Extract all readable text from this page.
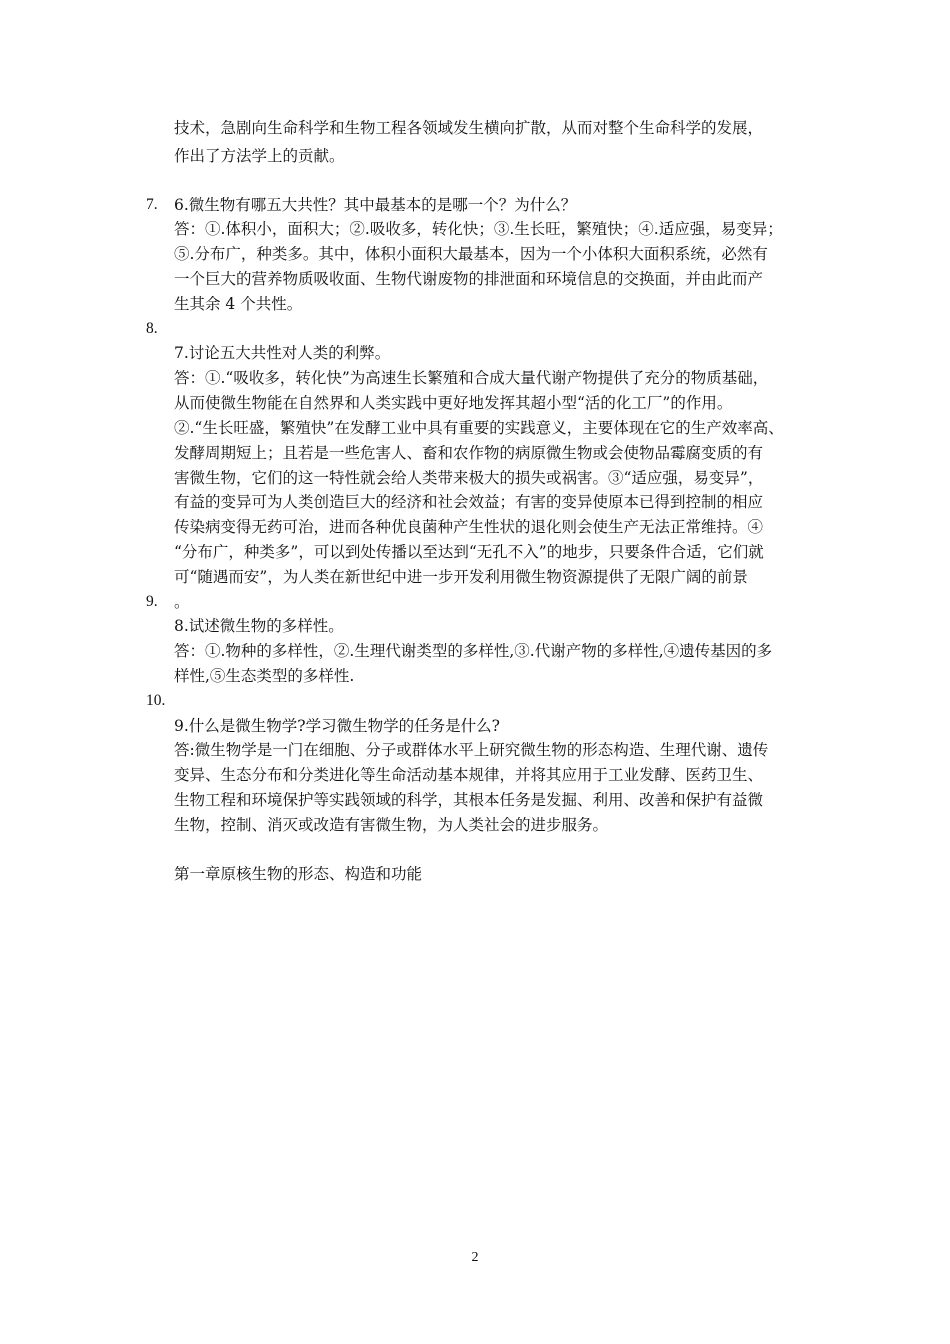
技术，急剧向生命科学和生物工程各领域发生横向扩散，从而对整个生命科学的发展，
作出了方法学上的贡献。
7. 6.微生物有哪五大共性？其中最基本的是哪一个？为什么？
答：①.体积小，面积大；②.吸收多，转化快；③.生长旺，繁殖快；④.适应强，易变异；
⑤.分布广，种类多。其中，体积小面积大最基本，因为一个小体积大面积系统，必然有
一个巨大的营养物质吸收面、生物代谢废物的排泄面和环境信息的交换面，并由此而产
生其余 4 个共性。
8.
7.讨论五大共性对人类的利弊。
答：①.“吸收多，转化快”为高速生长繁殖和合成大量代谢产物提供了充分的物质基础，
从而使微生物能在自然界和人类实践中更好地发挥其超小型“活的化工厂”的作用。
②.“生长旺盛，繁殖快”在发酵工业中具有重要的实践意义，主要体现在它的生产效率高、
发酵周期短上；且若是一些危害人、畜和农作物的病原微生物或会使物品霉腐变质的有
害微生物，它们的这一特性就会给人类带来极大的损失或祸害。③“适应强，易变异”，
有益的变异可为人类创造巨大的经济和社会效益；有害的变异使原本已得到控制的相应
传染病变得无药可治，进而各种优良菌种产生性状的退化则会使生产无法正常维持。④
“分布广，种类多”，可以到处传播以至达到“无孔不入”的地步，只要条件合适，它们就
可“随遇而安”，为人类在新世纪中进一步开发利用微生物资源提供了无限广阔的前景
9. 。
8.试述微生物的多样性。
答：①.物种的多样性，②.生理代谢类型的多样性,③.代谢产物的多样性,④遗传基因的多
样性,⑤生态类型的多样性.
10.
9.什么是微生物学?学习微生物学的任务是什么?
答:微生物学是一门在细胞、分子或群体水平上研究微生物的形态构造、生理代谢、遗传
变异、生态分布和分类进化等生命活动基本规律，并将其应用于工业发酵、医药卫生、
生物工程和环境保护等实践领域的科学，其根本任务是发掘、利用、改善和保护有益微
生物，控制、消灭或改造有害微生物，为人类社会的进步服务。
第一章原核生物的形态、构造和功能
2
